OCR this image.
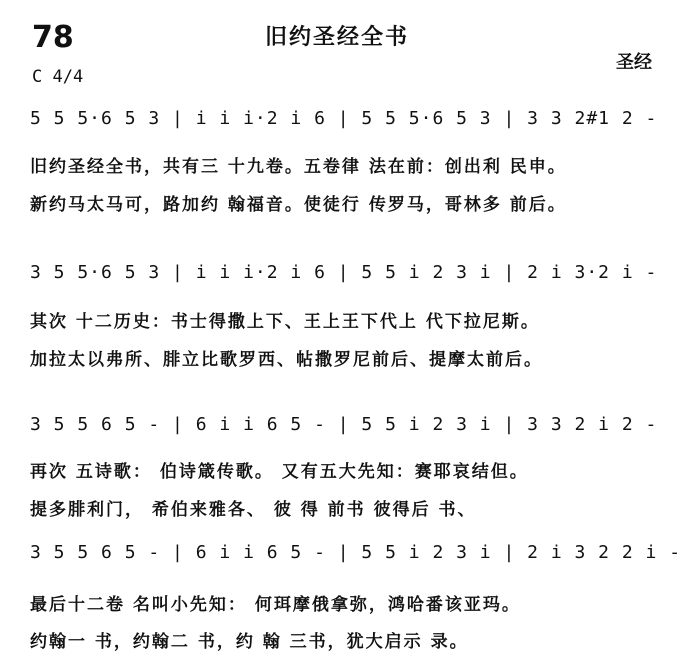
78	旧约圣经全书
圣经
C 4/4
5 5 5·6 5 3 | i i i·2 i 6 | 5 5 5·6 5 3 | 3 3 2#1 2 -
旧约圣经全书，共有三 十九卷。五卷律 法在前：创出利 民申。
新约马太马可，路加约 翰福音。使徒行 传罗马，哥林多 前后。
3 5 5·6 5 3 | i i i·2 i 6 | 5 5 i 2 3 i | 2 i 3·2 i -
其次 十二历史：书士得撒上下、王上王下代上 代下拉尼斯。
加拉太以弗所、腓立比歌罗西、帖撒罗尼前后、提摩太前后。
3 5 5 6 5 - | 6 i i 6 5 - | 5 5 i 2 3 i | 3 3 2 i 2 -
再次 五诗歌： 伯诗箴传歌。 又有五大先知：赛耶哀结但。
提多腓利门， 希伯来雅各、 彼 得 前书 彼得后 书、
3 5 5 6 5 - | 6 i i 6 5 - | 5 5 i 2 3 i | 2 i 3 2 2 i -
最后十二卷 名叫小先知： 何珥摩俄拿弥，鸿哈番该亚玛。
约翰一 书，约翰二 书，约 翰 三书，犹大启示 录。
